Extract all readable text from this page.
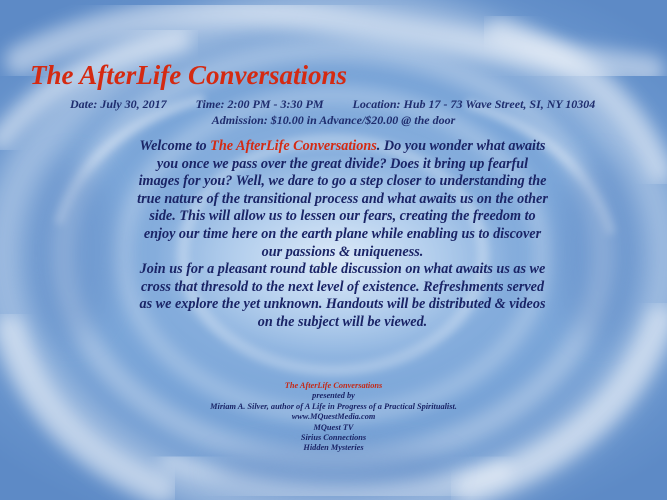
The AfterLife Conversations
Date: July 30, 2017 Time: 2:00 PM - 3:30 PM Location: Hub 17 - 73 Wave Street, SI, NY 10304
Admission: $10.00 in Advance/$20.00 @ the door

Welcome to The AfterLife Conversations. Do you wonder what awaits you once we pass over the great divide? Does it bring up fearful images for you? Well, we dare to go a step closer to understanding the true nature of the transitional process and what awaits us on the other side. This will allow us to lessen our fears, creating the freedom to enjoy our time here on the earth plane while enabling us to discover our passions & uniqueness.

Join us for a pleasant round table discussion on what awaits us as we cross that thresold to the next level of existence. Refreshments served as we explore the yet unknown. Handouts will be distributed & videos on the subject will be viewed.

The AfterLife Conversations
presented by
Miriam A. Silver, author of A Life in Progress of a Practical Spiritualist.
www.MQuestMedia.com
MQuest TV
Sirius Connections
Hidden Mysteries
